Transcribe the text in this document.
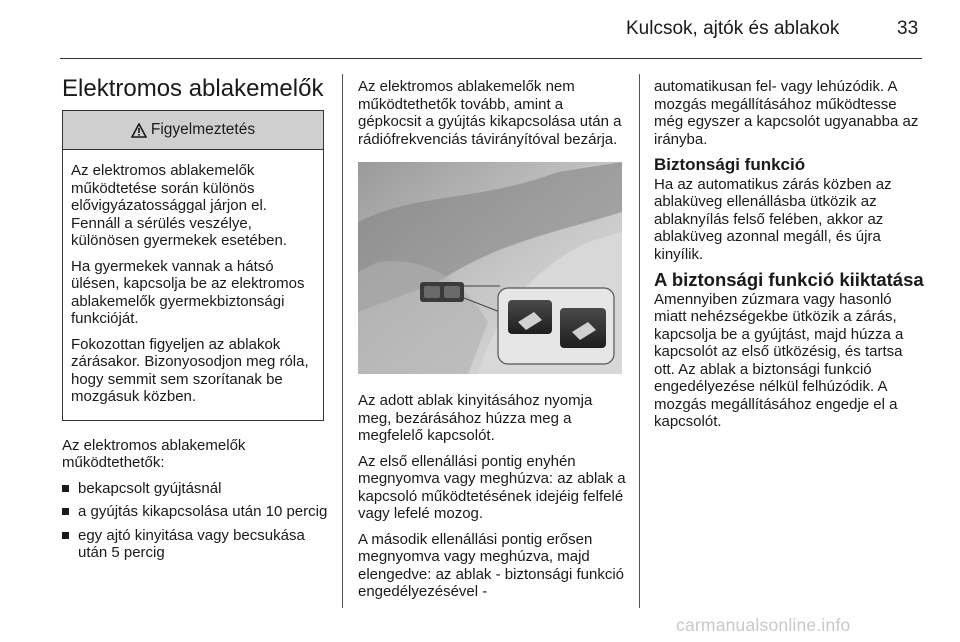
Kulcsok, ajtók és ablakok	33
Elektromos ablakemelők
Figyelmeztetés

Az elektromos ablakemelők működtetése során különös elővigyázatossággal járjon el. Fennáll a sérülés veszélye, különösen gyermekek esetében.

Ha gyermekek vannak a hátsó ülésen, kapcsolja be az elektromos ablakemelők gyermekbiztonsági funkcióját.

Fokozottan figyeljen az ablakok zárásakor. Bizonyosodjon meg róla, hogy semmit sem szorítanak be mozgásuk közben.

Az elektromos ablakemelők működtethetők:

bekapcsolt gyújtásnál
a gyújtás kikapcsolása után 10 percig
egy ajtó kinyitása vagy becsukása után 5 percig

Az elektromos ablakemelők nem működtethetők tovább, amint a gépkocsit a gyújtás kikapcsolása után a rádiófrekvenciás távirányítóval bezárja.

Az adott ablak kinyitásához nyomja meg, bezárásához húzza meg a megfelelő kapcsolót.

Az első ellenállási pontig enyhén megnyomva vagy meghúzva: az ablak a kapcsoló működtetésének idejéig felfelé vagy lefelé mozog.

A második ellenállási pontig erősen megnyomva vagy meghúzva, majd elengedve: az ablak - biztonsági funkció engedélyezésével -

automatikusan fel- vagy lehúzódik. A mozgás megállításához működtesse még egyszer a kapcsolót ugyanabba az irányba.

Biztonsági funkció

Ha az automatikus zárás közben az ablaküveg ellenállásba ütközik az ablaknyílás felső felében, akkor az ablaküveg azonnal megáll, és újra kinyílik.

A biztonsági funkció kiiktatása

Amennyiben zúzmara vagy hasonló miatt nehézségekbe ütközik a zárás, kapcsolja be a gyújtást, majd húzza a kapcsolót az első ütközésig, és tartsa ott. Az ablak a biztonsági funkció engedélyezése nélkül felhúzódik. A mozgás megállításához engedje el a kapcsolót.

carmanualsonline.info
